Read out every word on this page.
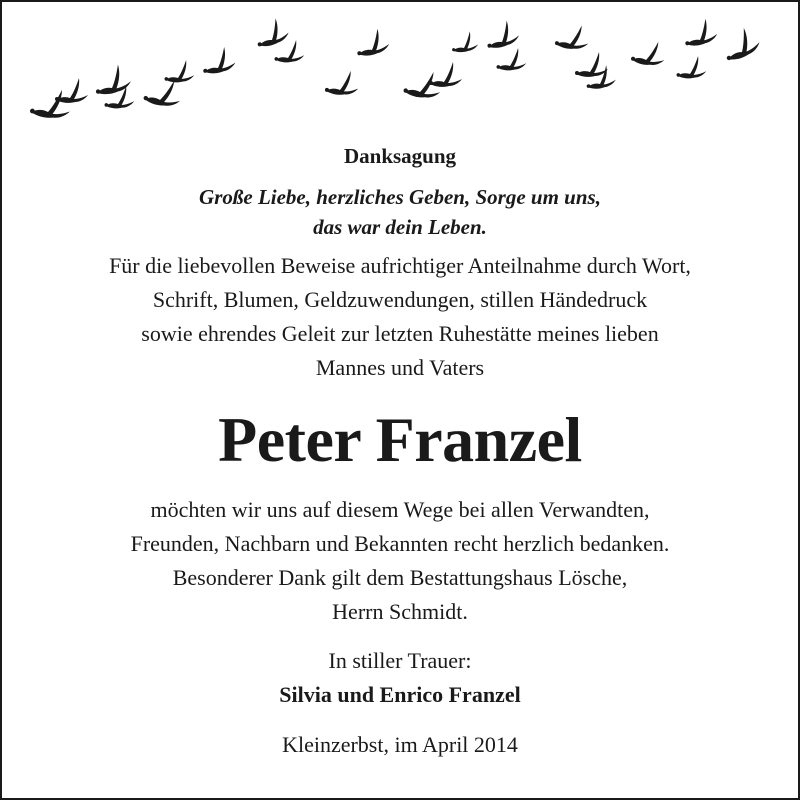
Danksagung
Große Liebe, herzliches Geben, Sorge um uns,
das war dein Leben.
Für die liebevollen Beweise aufrichtiger Anteilnahme durch Wort,
Schrift, Blumen, Geldzuwendungen, stillen Händedruck
sowie ehrendes Geleit zur letzten Ruhestätte meines lieben
Mannes und Vaters
Peter Franzel
möchten wir uns auf diesem Wege bei allen Verwandten,
Freunden, Nachbarn und Bekannten recht herzlich bedanken.
Besonderer Dank gilt dem Bestattungshaus Lösche,
Herrn Schmidt.
In stiller Trauer:
Silvia und Enrico Franzel
Kleinzerbst, im April 2014
